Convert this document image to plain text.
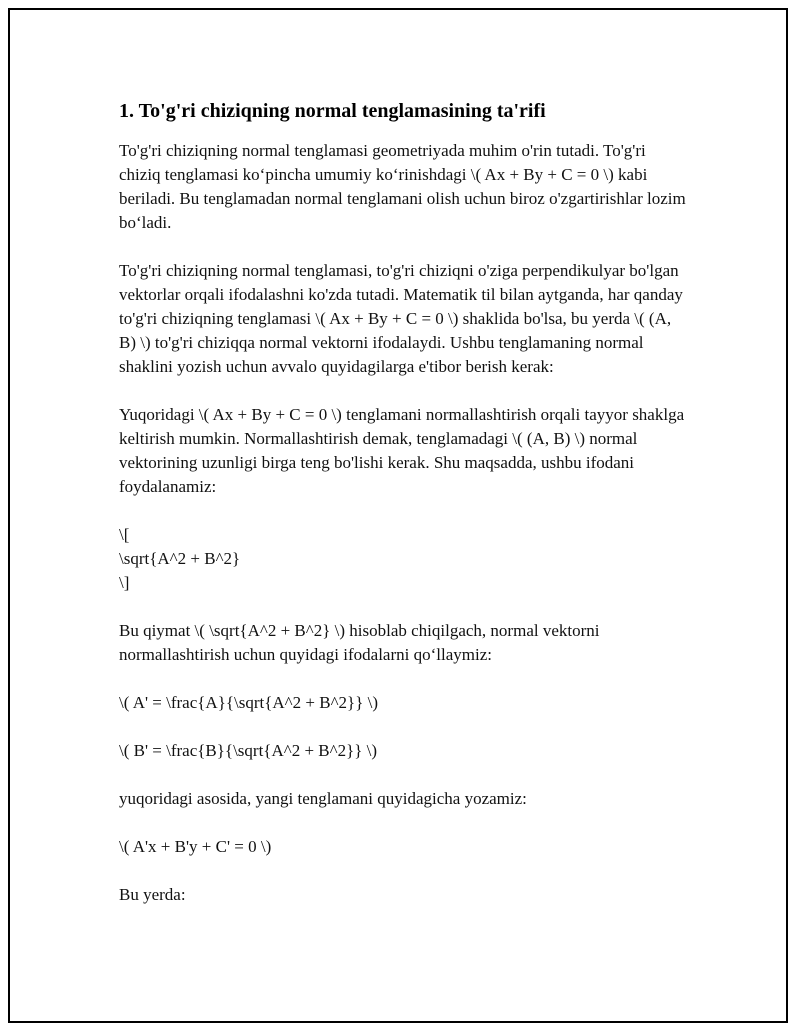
1. To'g'ri chiziqning normal tenglamasining ta'rifi

To'g'ri chiziqning normal tenglamasi geometriyada muhim o'rin tutadi. To'g'ri chiziq tenglamasi ko‘pincha umumiy ko‘rinishdagi \( Ax + By + C = 0 \) kabi beriladi. Bu tenglamadan normal tenglamani olish uchun biroz o'zgartirishlar lozim bo‘ladi.

To'g'ri chiziqning normal tenglamasi, to'g'ri chiziqni o'ziga perpendikulyar bo'lgan vektorlar orqali ifodalashni ko'zda tutadi. Matematik til bilan aytganda, har qanday to'g'ri chiziqning tenglamasi \( Ax + By + C = 0 \) shaklida bo'lsa, bu yerda \( (A, B) \) to'g'ri chiziqqa normal vektorni ifodalaydi. Ushbu tenglamaning normal shaklini yozish uchun avvalo quyidagilarga e'tibor berish kerak:

Yuqoridagi \( Ax + By + C = 0 \) tenglamani normallashtirish orqali tayyor shaklga keltirish mumkin. Normallashtirish demak, tenglamadagi \( (A, B) \) normal vektorining uzunligi birga teng bo'lishi kerak. Shu maqsadda, ushbu ifodani foydalanamiz:

\[
\sqrt{A^2 + B^2}
\]

Bu qiymat \( \sqrt{A^2 + B^2} \) hisoblab chiqilgach, normal vektorni normallashtirish uchun quyidagi ifodalarni qo‘llaymiz:

\( A' = \frac{A}{\sqrt{A^2 + B^2}} \)

\( B' = \frac{B}{\sqrt{A^2 + B^2}} \)

yuqoridagi asosida, yangi tenglamani quyidagicha yozamiz:

\( A'x + B'y + C' = 0 \)

Bu yerda:
